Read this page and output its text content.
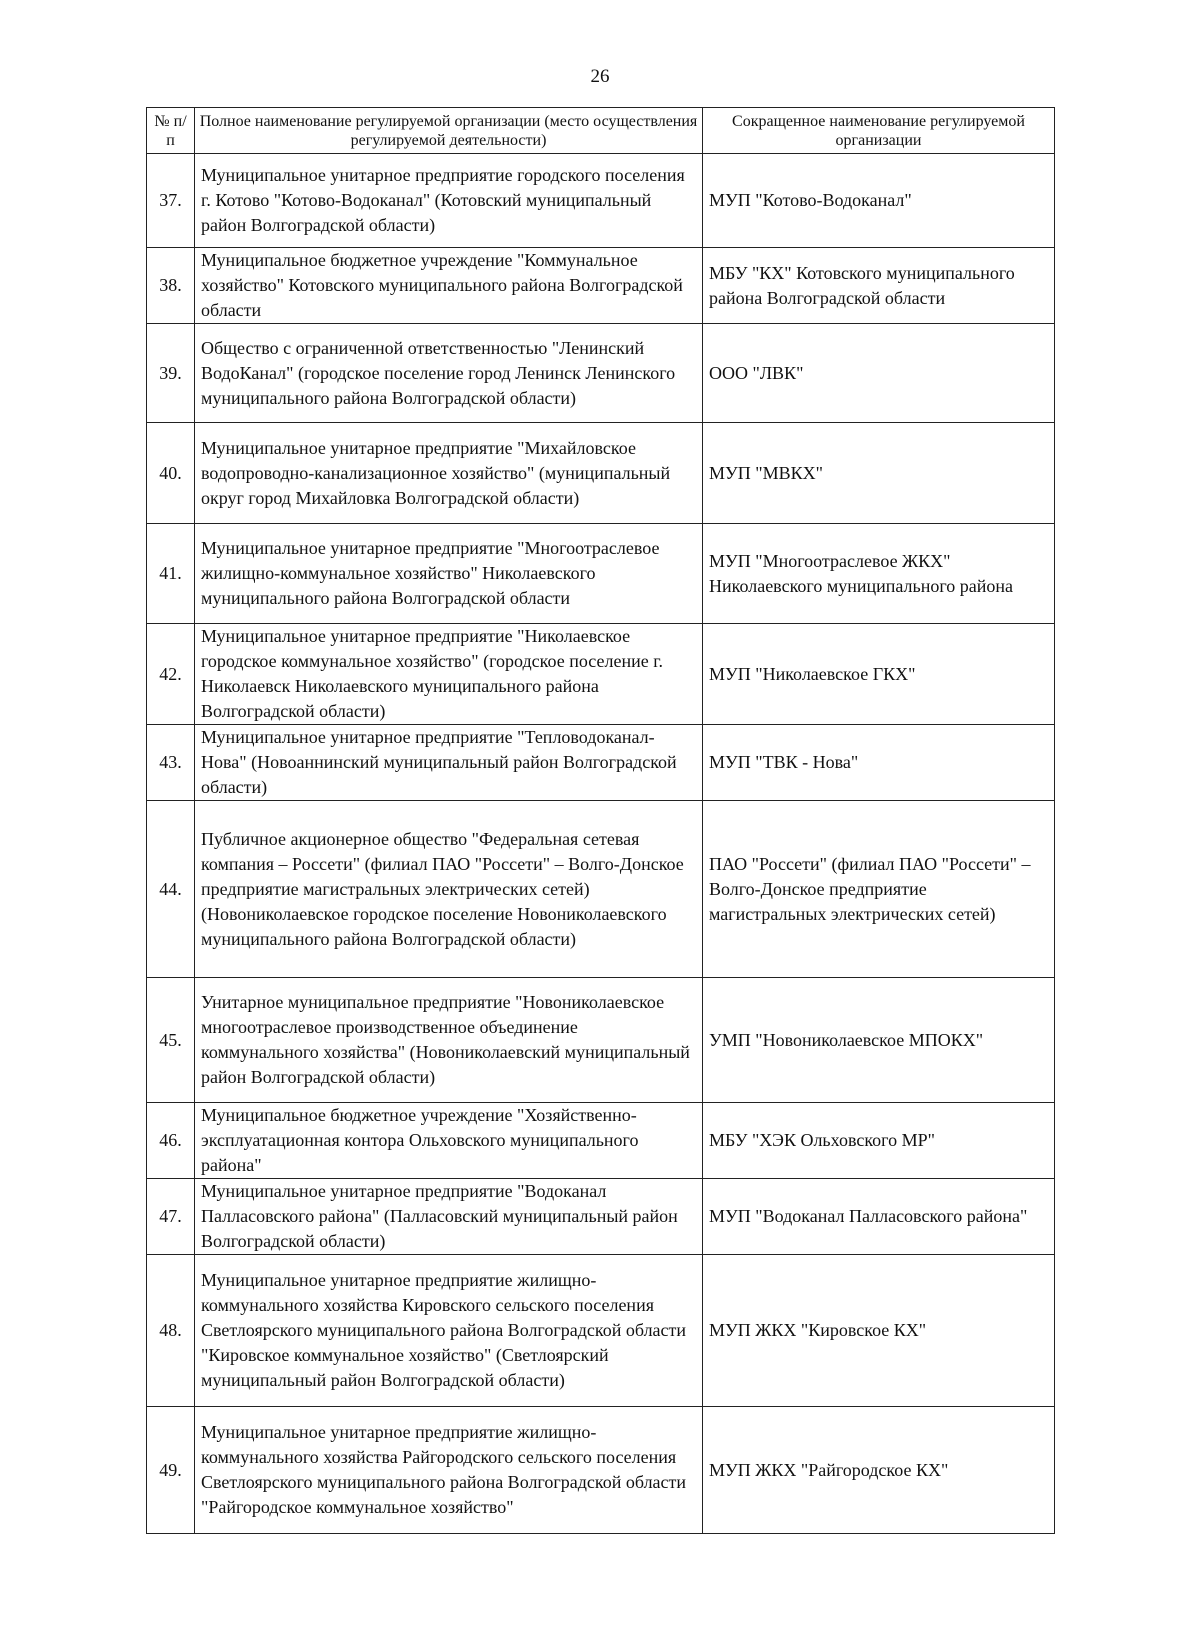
26
№ п/п	Полное наименование регулируемой организации (место осуществления регулируемой деятельности)	Сокращенное наименование регулируемой организации
37.	Муниципальное унитарное предприятие городского поселения г. Котово "Котово-Водоканал" (Котовский муниципальный район Волгоградской области)	МУП "Котово-Водоканал"
38.	Муниципальное бюджетное учреждение "Коммунальное хозяйство" Котовского муниципального района Волгоградской области	МБУ "КХ" Котовского муниципального района Волгоградской области
39.	Общество с ограниченной ответственностью "Ленинский ВодоКанал" (городское поселение город Ленинск Ленинского муниципального района Волгоградской области)	ООО "ЛВК"
40.	Муниципальное унитарное предприятие "Михайловское водопроводно-канализационное хозяйство" (муниципальный округ город Михайловка Волгоградской области)	МУП "МВКХ"
41.	Муниципальное унитарное предприятие "Многоотраслевое жилищно-коммунальное хозяйство" Николаевского муниципального района Волгоградской области	МУП "Многоотраслевое ЖКХ" Николаевского муниципального района
42.	Муниципальное унитарное предприятие "Николаевское городское коммунальное хозяйство" (городское поселение г. Николаевск Николаевского муниципального района Волгоградской области)	МУП "Николаевское ГКХ"
43.	Муниципальное унитарное предприятие "Тепловодоканал-Нова" (Новоаннинский муниципальный район Волгоградской области)	МУП "ТВК - Нова"
44.	Публичное акционерное общество "Федеральная сетевая компания – Россети" (филиал ПАО "Россети" – Волго-Донское предприятие магистральных электрических сетей) (Новониколаевское городское поселение Новониколаевского муниципального района Волгоградской области)	ПАО "Россети" (филиал ПАО "Россети" – Волго-Донское предприятие магистральных электрических сетей)
45.	Унитарное муниципальное предприятие "Новониколаевское многоотраслевое производственное объединение коммунального хозяйства" (Новониколаевский муниципальный район Волгоградской области)	УМП "Новониколаевское МПОКХ"
46.	Муниципальное бюджетное учреждение "Хозяйственно-эксплуатационная контора Ольховского муниципального района"	МБУ "ХЭК Ольховского МР"
47.	Муниципальное унитарное предприятие "Водоканал Палласовского района" (Палласовский муниципальный район Волгоградской области)	МУП "Водоканал Палласовского района"
48.	Муниципальное унитарное предприятие жилищно-коммунального хозяйства Кировского сельского поселения Светлоярского муниципального района Волгоградской области "Кировское коммунальное хозяйство" (Светлоярский муниципальный район Волгоградской области)	МУП ЖКХ "Кировское КХ"
49.	Муниципальное унитарное предприятие жилищно-коммунального хозяйства Райгородского сельского поселения Светлоярского муниципального района Волгоградской области "Райгородское коммунальное хозяйство"	МУП ЖКХ "Райгородское КХ"
